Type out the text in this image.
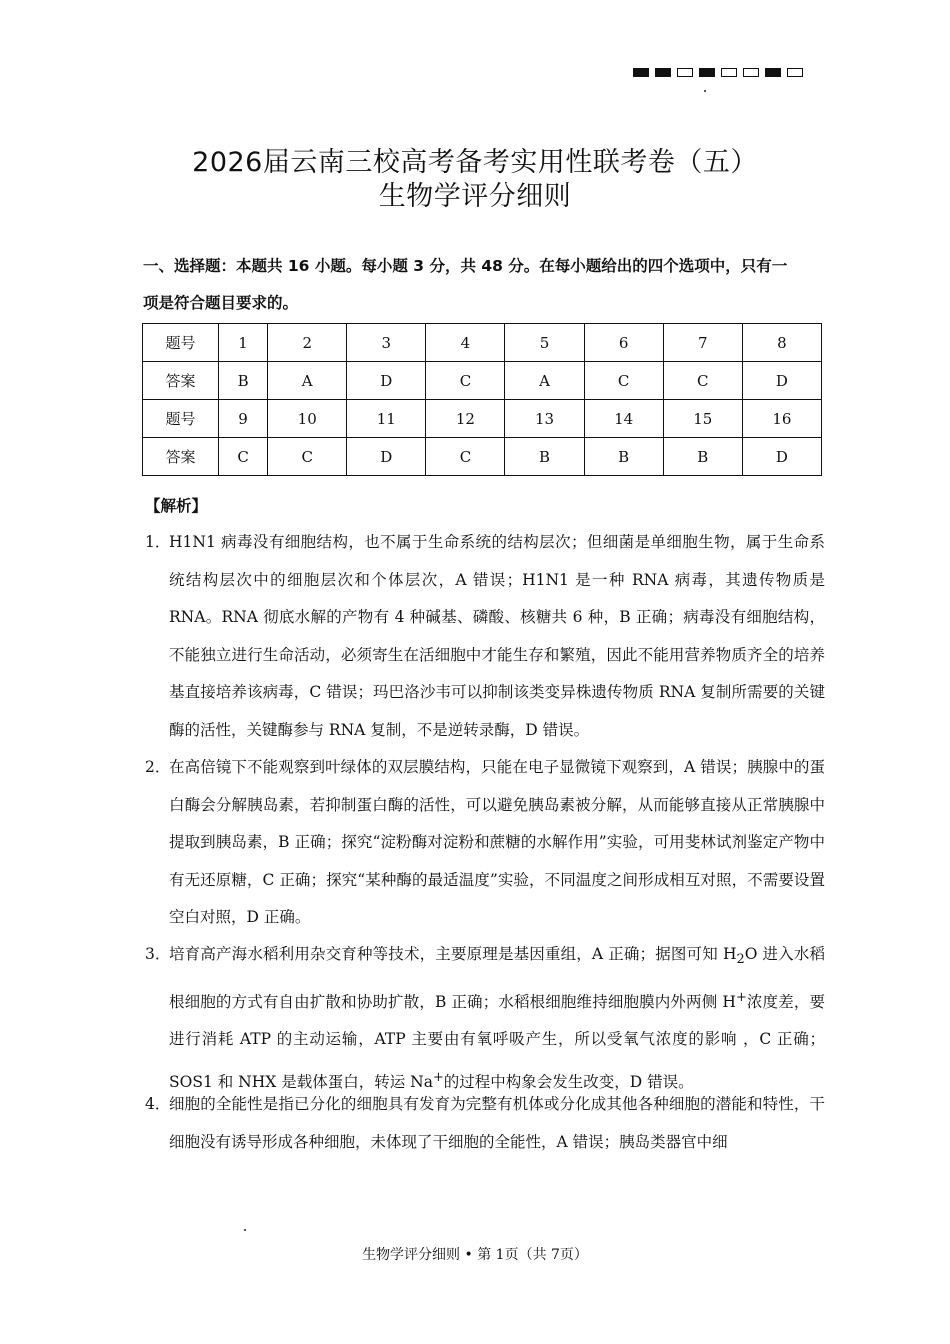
2026届云南三校高考备考实用性联考卷（五）
生物学评分细则
一、选择题：本题共 16 小题。每小题 3 分，共 48 分。在每小题给出的四个选项中，只有一
项是符合题目要求的。
题号	1	2	3	4	5	6	7	8
答案	B	A	D	C	A	C	C	D
题号	9	10	11	12	13	14	15	16
答案	C	C	D	C	B	B	B	D
【解析】
1．
H1N1 病毒没有细胞结构，也不属于生命系统的结构层次；但细菌是单细胞生物，属于生命系统结构层次中的细胞层次和个体层次，A 错误；H1N1 是一种 RNA 病毒，其遗传物质是 RNA。RNA 彻底水解的产物有 4 种碱基、磷酸、核糖共 6 种，B 正确；病毒没有细胞结构，不能独立进行生命活动，必须寄生在活细胞中才能生存和繁殖，因此不能用营养物质齐全的培养基直接培养该病毒，C 错误；玛巴洛沙韦可以抑制该类变异株遗传物质 RNA 复制所需要的关键酶的活性，关键酶参与 RNA 复制，不是逆转录酶，D 错误。
2．
在高倍镜下不能观察到叶绿体的双层膜结构，只能在电子显微镜下观察到，A 错误；胰腺中的蛋白酶会分解胰岛素，若抑制蛋白酶的活性，可以避免胰岛素被分解，从而能够直接从正常胰腺中提取到胰岛素，B 正确；探究“淀粉酶对淀粉和蔗糖的水解作用”实验，可用斐林试剂鉴定产物中有无还原糖，C 正确；探究“某种酶的最适温度”实验，不同温度之间形成相互对照，不需要设置空白对照，D 正确。
3．
培育高产海水稻利用杂交育种等技术，主要原理是基因重组，A 正确；据图可知 $H_2O$ 进入水稻根细胞的方式有自由扩散和协助扩散，B 正确；水稻根细胞维持细胞膜内外两侧 H+浓度差，要进行消耗 ATP 的主动运输，ATP 主要由有氧呼吸产生，所以受氧气浓度的影响 ，C 正确；SOS1 和 NHX 是载体蛋白，转运 Na+的过程中构象会发生改变，D 错误。
4．
细胞的全能性是指已分化的细胞具有发育为完整有机体或分化成其他各种细胞的潜能和特性，干细胞没有诱导形成各种细胞，未体现了干细胞的全能性，A 错误；胰岛类器官中细
生物学评分细则 • 第 1页（共 7页）
